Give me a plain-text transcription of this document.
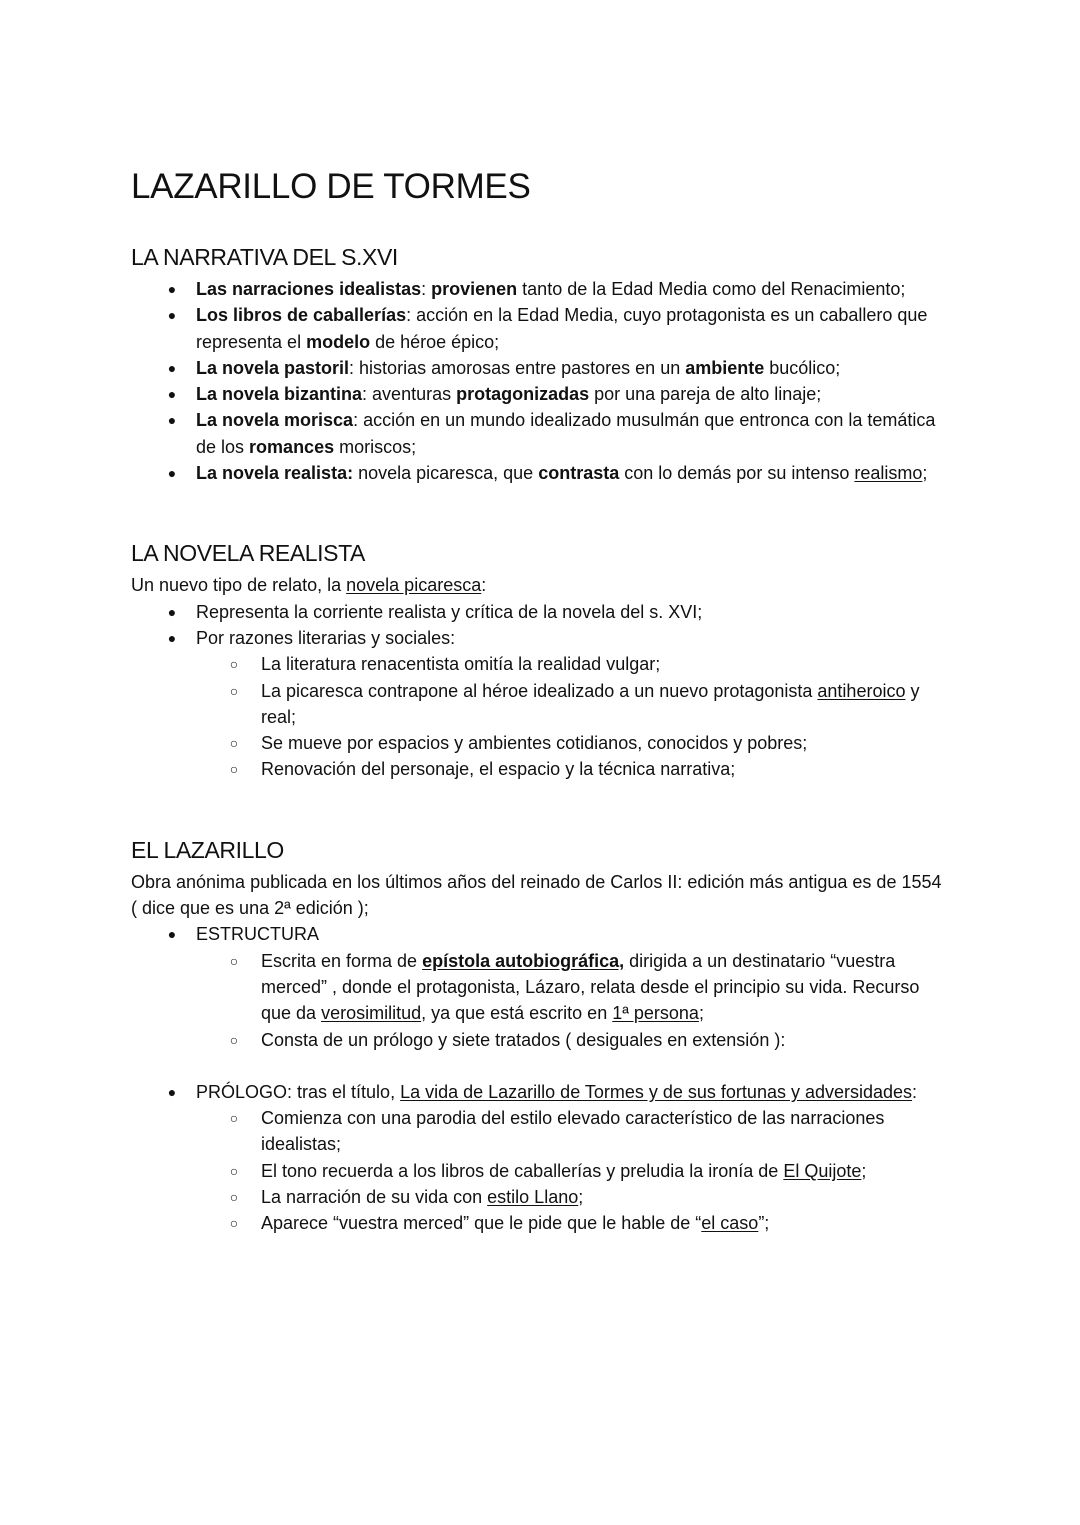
LAZARILLO DE TORMES
LA NARRATIVA DEL S.XVI
● Las narraciones idealistas: provienen tanto de la Edad Media como del Renacimiento;
● Los libros de caballerías: acción en la Edad Media, cuyo protagonista es un caballero que representa el modelo de héroe épico;
● La novela pastoril: historias amorosas entre pastores en un ambiente bucólico;
● La novela bizantina: aventuras protagonizadas por una pareja de alto linaje;
● La novela morisca: acción en un mundo idealizado musulmán que entronca con la temática de los romances moriscos;
● La novela realista: novela picaresca, que contrasta con lo demás por su intenso realismo;
LA NOVELA REALISTA

Un nuevo tipo de relato, la novela picaresca:

● Representa la corriente realista y crítica de la novela del s. XVI;
● Por razones literarias y sociales:
○ La literatura renacentista omitía la realidad vulgar;
○ La picaresca contrapone al héroe idealizado a un nuevo protagonista antiheroico y real;
○ Se mueve por espacios y ambientes cotidianos, conocidos y pobres;
○ Renovación del personaje, el espacio y la técnica narrativa;
EL LAZARILLO

Obra anónima publicada en los últimos años del reinado de Carlos II: edición más antigua es de 1554 ( dice que es una 2ª edición );

● ESTRUCTURA
○ Escrita en forma de epístola autobiográfica, dirigida a un destinatario “vuestra merced” , donde el protagonista, Lázaro, relata desde el principio su vida. Recurso que da verosimilitud, ya que está escrito en 1ª persona;
○ Consta de un prólogo y siete tratados ( desiguales en extensión ):
● PRÓLOGO: tras el título, La vida de Lazarillo de Tormes y de sus fortunas y adversidades:
○ Comienza con una parodia del estilo elevado característico de las narraciones idealistas;
○ El tono recuerda a los libros de caballerías y preludia la ironía de El Quijote;
○ La narración de su vida con estilo Llano;
○ Aparece “vuestra merced” que le pide que le hable de “el caso”;
